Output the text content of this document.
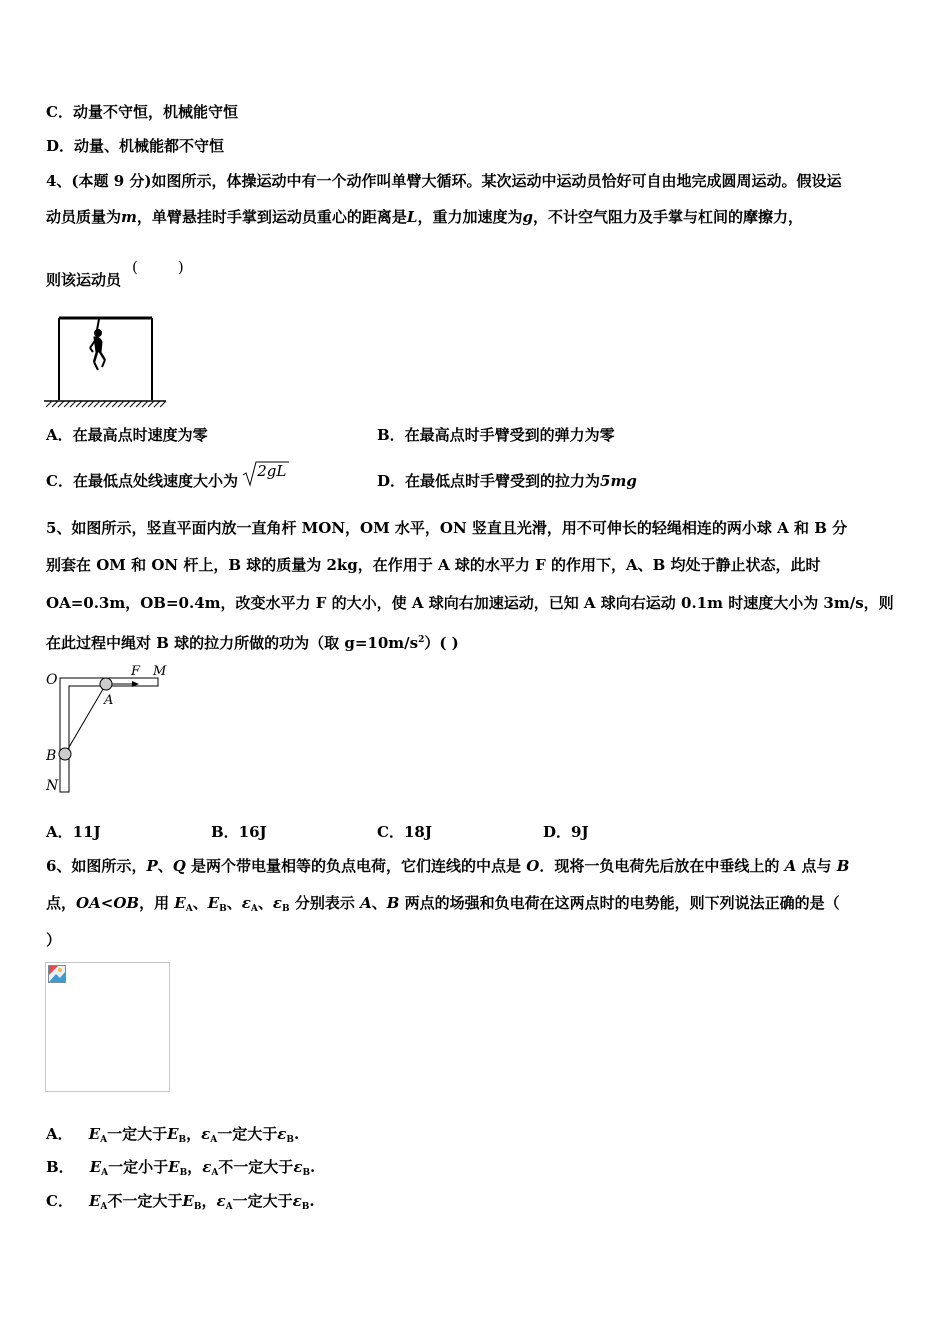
C．动量不守恒，机械能守恒
D．动量、机械能都不守恒
4、(本题 9 分)如图所示，体操运动中有一个动作叫单臂大循环。某次运动中运动员恰好可自由地完成圆周运动。假设运
动员质量为m，单臂悬挂时手掌到运动员重心的距离是L，重力加速度为g，不计空气阻力及手掌与杠间的摩擦力，
则该运动员
(	)
A．在最高点时速度为零	B．在最高点时手臂受到的弹力为零
C．在最低点处线速度大小为
2gL
D．在最低点时手臂受到的拉力为5mg
5、如图所示，竖直平面内放一直角杆 MON，OM 水平，ON 竖直且光滑，用不可伸长的轻绳相连的两小球 A 和 B 分
别套在 OM 和 ON 杆上，B 球的质量为 2kg，在作用于 A 球的水平力 F 的作用下，A、B 均处于静止状态，此时
OA=0.3m，OB=0.4m，改变水平力 F 的大小，使 A 球向右加速运动，已知 A 球向右运动 0.1m 时速度大小为 3m/s，则
在此过程中绳对 B 球的拉力所做的功为（取 $g=10m/s^2$）( )
O
F M
A
B
N
A．11J	B．16J	C．18J	D．9J
6、如图所示，P、Q 是两个带电量相等的负点电荷，它们连线的中点是 O．现将一负电荷先后放在中垂线上的 A 点与 B
点，OA<OB，用 $E_A$、$E_B$、$\varepsilon_A$、$\varepsilon_B$ 分别表示 A、B 两点的场强和负电荷在这两点时的电势能，则下列说法正确的是（
）
A． $E_A$一定大于$E_B$，$\varepsilon_A$一定大于$\varepsilon_B$.
B． $E_A$一定小于$E_B$，$\varepsilon_A$不一定大于$\varepsilon_B$.
C． $E_A$不一定大于$E_B$，$\varepsilon_A$一定大于$\varepsilon_B$.
